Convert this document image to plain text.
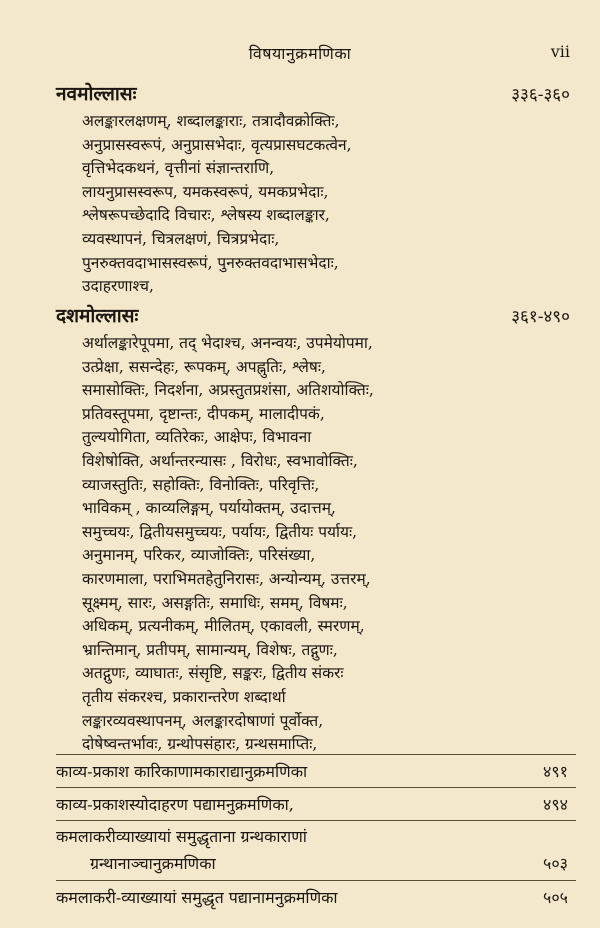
विषयानुक्रमणिका	vii
नवमोल्लासः	३३६-३६०
अलङ्कारलक्षणम्, शब्दालङ्काराः, तत्रादौवक्रोक्तिः,
अनुप्रासस्वरूपं, अनुप्रासभेदाः, वृत्यप्रासघटकत्वेन,
वृत्तिभेदकथनं, वृत्तीनां संज्ञान्तराणि,
लायनुप्रासस्वरूप, यमकस्वरूपं, यमकप्रभेदाः,
श्लेषरूपच्छेदादि विचारः, श्लेषस्य शब्दालङ्कार,
व्यवस्थापनं, चित्रलक्षणं, चित्रप्रभेदाः,
पुनरुक्तवदाभासस्वरूपं, पुनरुक्तवदाभासभेदाः,
उदाहरणाश्च,
दशमोल्लासः	३६१-४९०
अर्थालङ्कारेपूपमा, तद् भेदाश्च, अनन्वयः, उपमेयोपमा,
उत्प्रेक्षा, ससन्देहः, रूपकम्, अपह्नुतिः, श्लेषः,
समासोक्तिः, निदर्शना, अप्रस्तुतप्रशंसा, अतिशयोक्तिः,
प्रतिवस्तूपमा, दृष्टान्तः, दीपकम्, मालादीपकं,
तुल्ययोगिता, व्यतिरेकः, आक्षेपः, विभावना
विशेषोक्ति, अर्थान्तरन्यासः , विरोधः, स्वभावोक्तिः,
व्याजस्तुतिः, सहोक्तिः, विनोक्तिः, परिवृत्तिः,
भाविकम् , काव्यलिङ्गम्, पर्यायोक्तम्, उदात्तम्,
समुच्चयः, द्वितीयसमुच्चयः, पर्यायः, द्वितीयः पर्यायः,
अनुमानम्, परिकर, व्याजोक्तिः, परिसंख्या,
कारणमाला, पराभिमतहेतुनिरासः, अन्योन्यम्, उत्तरम्,
सूक्ष्मम्, सारः, असङ्गतिः, समाधिः, समम्, विषमः,
अधिकम्, प्रत्यनीकम्, मीलितम्, एकावली, स्मरणम्,
भ्रान्तिमान्, प्रतीपम्, सामान्यम्, विशेषः, तद्गुणः,
अतद्गुणः, व्याघातः, संसृष्टि, सङ्करः, द्वितीय संकरः
तृतीय संकरश्च, प्रकारान्तरेण शब्दार्था
लङ्कारव्यवस्थापनम्, अलङ्कारदोषाणां पूर्वोक्त,
दोषेष्वन्तर्भावः, ग्रन्थोपसंहारः, ग्रन्थसमाप्तिः,
काव्य-प्रकाश कारिकाणामकाराद्यानुक्रमणिका	४९१
काव्य-प्रकाशस्योदाहरण पद्यामनुक्रमणिका,	४९४
कमलाकरीव्याख्यायां समुद्धृताना ग्रन्थकाराणां
ग्रन्थानाञ्चानुक्रमणिका	५०३
कमलाकरी-व्याख्यायां समुद्धृत पद्यानामनुक्रमणिका	५०५
